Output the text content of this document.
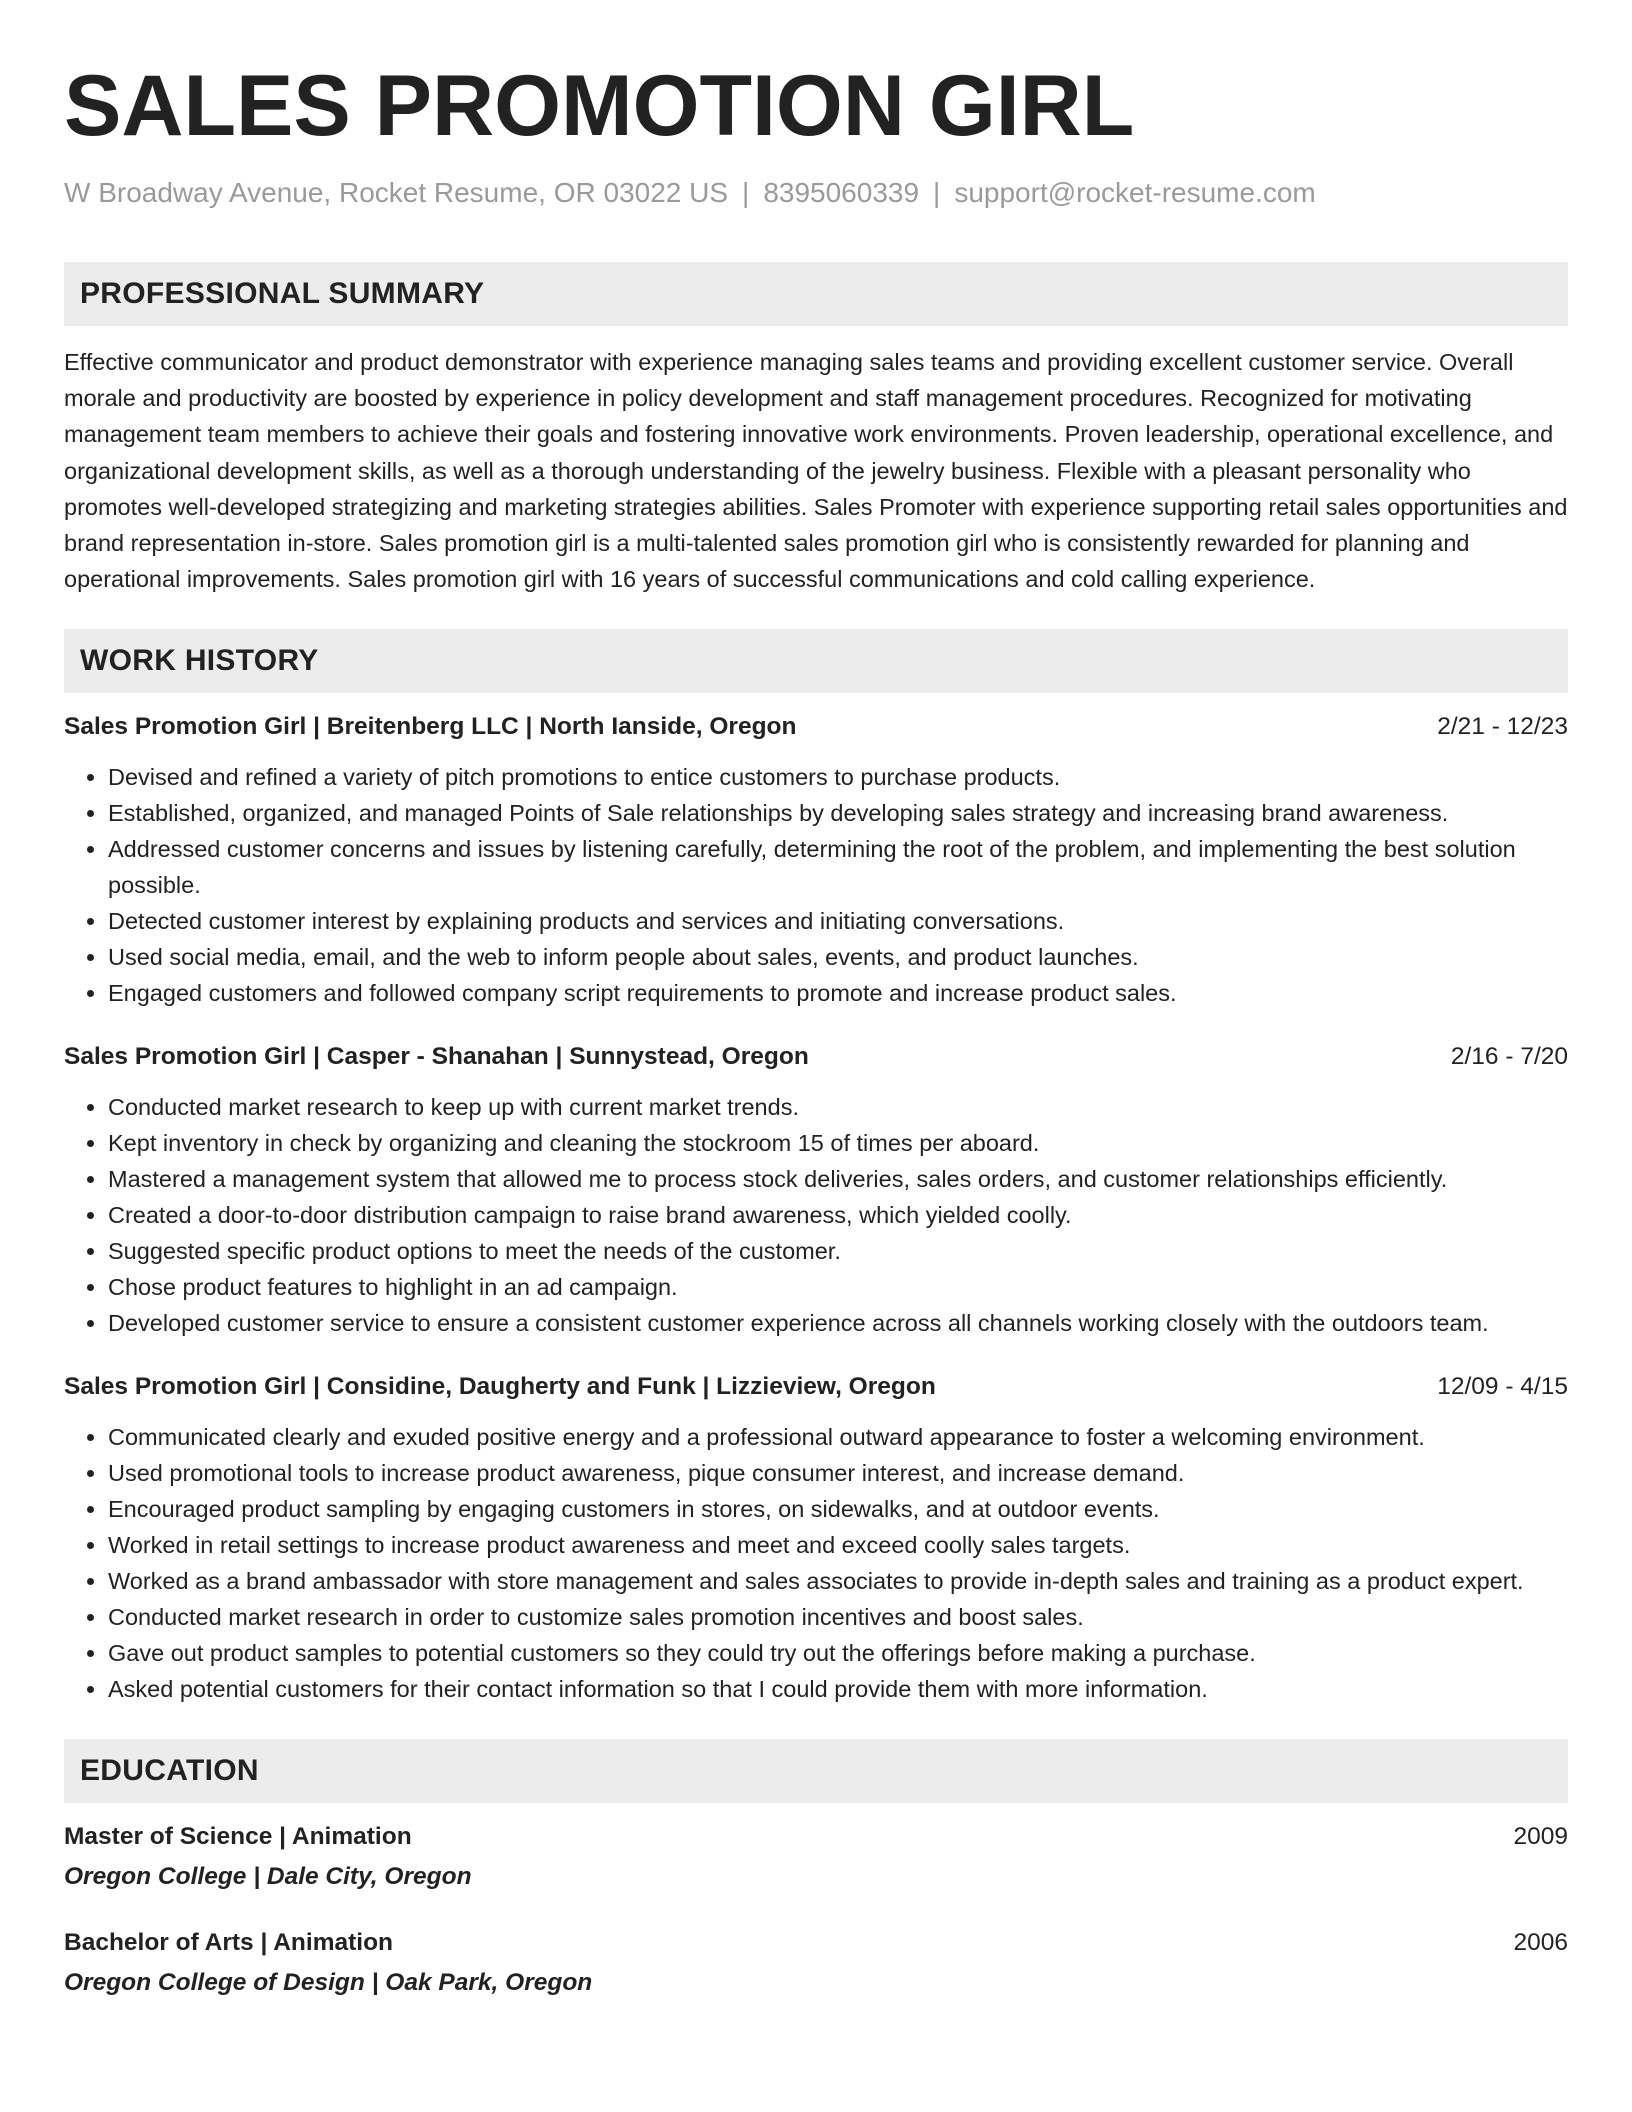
SALES PROMOTION GIRL
W Broadway Avenue, Rocket Resume, OR 03022 US | 8395060339 | support@rocket-resume.com
PROFESSIONAL SUMMARY

Effective communicator and product demonstrator with experience managing sales teams and providing excellent customer service. Overall morale and productivity are boosted by experience in policy development and staff management procedures. Recognized for motivating management team members to achieve their goals and fostering innovative work environments. Proven leadership, operational excellence, and organizational development skills, as well as a thorough understanding of the jewelry business. Flexible with a pleasant personality who promotes well-developed strategizing and marketing strategies abilities. Sales Promoter with experience supporting retail sales opportunities and brand representation in-store. Sales promotion girl is a multi-talented sales promotion girl who is consistently rewarded for planning and operational improvements. Sales promotion girl with 16 years of successful communications and cold calling experience.

WORK HISTORY
Sales Promotion Girl | Breitenberg LLC | North Ianside, Oregon	2/21 - 12/23
• Devised and refined a variety of pitch promotions to entice customers to purchase products.
• Established, organized, and managed Points of Sale relationships by developing sales strategy and increasing brand awareness.
• Addressed customer concerns and issues by listening carefully, determining the root of the problem, and implementing the best solution possible.
• Detected customer interest by explaining products and services and initiating conversations.
• Used social media, email, and the web to inform people about sales, events, and product launches.
• Engaged customers and followed company script requirements to promote and increase product sales.
Sales Promotion Girl | Casper - Shanahan | Sunnystead, Oregon	2/16 - 7/20
• Conducted market research to keep up with current market trends.
• Kept inventory in check by organizing and cleaning the stockroom 15 of times per aboard.
• Mastered a management system that allowed me to process stock deliveries, sales orders, and customer relationships efficiently.
• Created a door-to-door distribution campaign to raise brand awareness, which yielded coolly.
• Suggested specific product options to meet the needs of the customer.
• Chose product features to highlight in an ad campaign.
• Developed customer service to ensure a consistent customer experience across all channels working closely with the outdoors team.
Sales Promotion Girl | Considine, Daugherty and Funk | Lizzieview, Oregon	12/09 - 4/15
• Communicated clearly and exuded positive energy and a professional outward appearance to foster a welcoming environment.
• Used promotional tools to increase product awareness, pique consumer interest, and increase demand.
• Encouraged product sampling by engaging customers in stores, on sidewalks, and at outdoor events.
• Worked in retail settings to increase product awareness and meet and exceed coolly sales targets.
• Worked as a brand ambassador with store management and sales associates to provide in-depth sales and training as a product expert.
• Conducted market research in order to customize sales promotion incentives and boost sales.
• Gave out product samples to potential customers so they could try out the offerings before making a purchase.
• Asked potential customers for their contact information so that I could provide them with more information.
EDUCATION
Master of Science | Animation	2009
Oregon College | Dale City, Oregon
Bachelor of Arts | Animation	2006
Oregon College of Design | Oak Park, Oregon
